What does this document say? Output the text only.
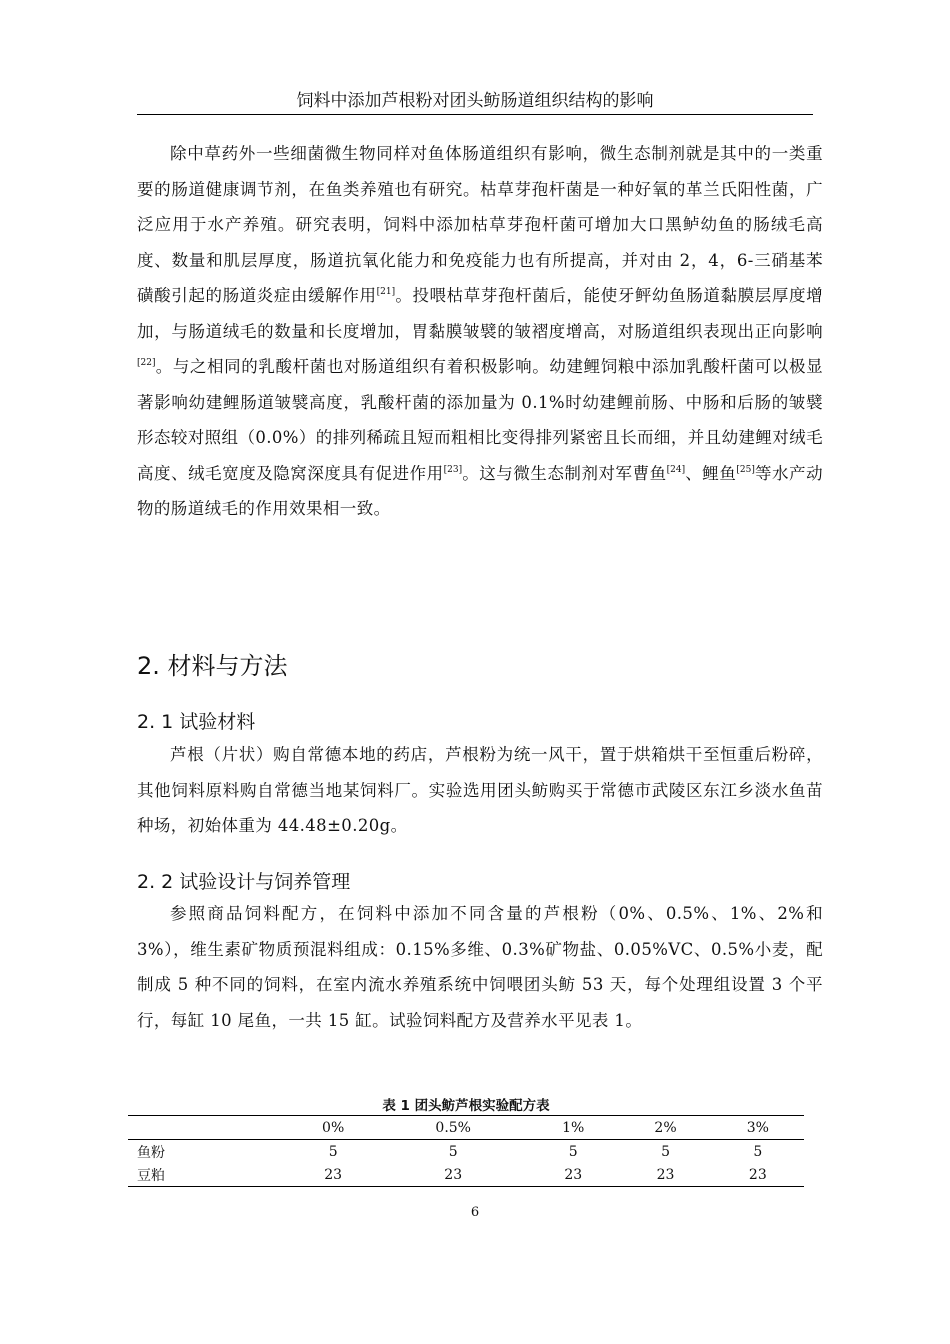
饲料中添加芦根粉对团头鲂肠道组织结构的影响

除中草药外一些细菌微生物同样对鱼体肠道组织有影响，微生态制剂就是其中的一类重要的肠道健康调节剂，在鱼类养殖也有研究。枯草芽孢杆菌是一种好氧的革兰氏阳性菌，广泛应用于水产养殖。研究表明，饲料中添加枯草芽孢杆菌可增加大口黑鲈幼鱼的肠绒毛高度、数量和肌层厚度，肠道抗氧化能力和免疫能力也有所提高，并对由 2，4，6-三硝基苯磺酸引起的肠道炎症由缓解作用[21]。投喂枯草芽孢杆菌后，能使牙鲆幼鱼肠道黏膜层厚度增加，与肠道绒毛的数量和长度增加，胃黏膜皱襞的皱褶度增高，对肠道组织表现出正向影响[22]。与之相同的乳酸杆菌也对肠道组织有着积极影响。幼建鲤饲粮中添加乳酸杆菌可以极显著影响幼建鲤肠道皱襞高度，乳酸杆菌的添加量为 0.1%时幼建鲤前肠、中肠和后肠的皱襞形态较对照组（0.0%）的排列稀疏且短而粗相比变得排列紧密且长而细，并且幼建鲤对绒毛高度、绒毛宽度及隐窝深度具有促进作用[23]。这与微生态制剂对军曹鱼[24]、鲤鱼[25]等水产动物的肠道绒毛的作用效果相一致。

2. 材料与方法
2. 1 试验材料

芦根（片状）购自常德本地的药店，芦根粉为统一风干，置于烘箱烘干至恒重后粉碎，其他饲料原料购自常德当地某饲料厂。实验选用团头鲂购买于常德市武陵区东江乡淡水鱼苗种场，初始体重为 44.48±0.20g。

2. 2 试验设计与饲养管理

参照商品饲料配方，在饲料中添加不同含量的芦根粉（0%、0.5%、1%、2%和 3%），维生素矿物质预混料组成：0.15%多维、0.3%矿物盐、0.05%VC、0.5%小麦，配制成 5 种不同的饲料，在室内流水养殖系统中饲喂团头鲂 53 天，每个处理组设置 3 个平行，每缸 10 尾鱼，一共 15 缸。试验饲料配方及营养水平见表 1。

表 1 团头鲂芦根实验配方表
	0%	0.5%	1%	2%	3%
鱼粉	5	5	5	5	5
豆粕	23	23	23	23	23
6
